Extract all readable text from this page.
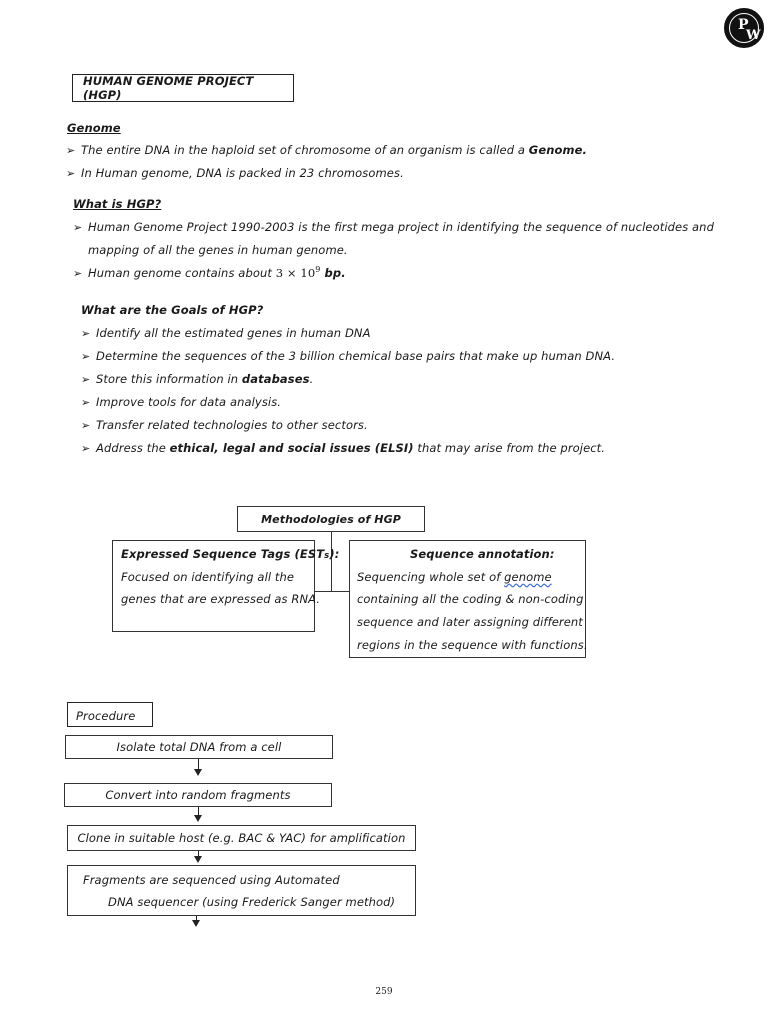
P
W
HUMAN GENOME PROJECT (HGP)
Genome
➢ The entire DNA in the haploid set of chromosome of an organism is called a Genome.
➢ In Human genome, DNA is packed in 23 chromosomes.
What is HGP?
➢ Human Genome Project 1990-2003 is the first mega project in identifying the sequence of nucleotides and
mapping of all the genes in human genome.
➢ Human genome contains about $3 \times 10^9$ bp.
What are the Goals of HGP?
➢ Identify all the estimated genes in human DNA
➢ Determine the sequences of the 3 billion chemical base pairs that make up human DNA.
➢ Store this information in databases.
➢ Improve tools for data analysis.
➢ Transfer related technologies to other sectors.
➢ Address the ethical, legal and social issues (ELSI) that may arise from the project.
Methodologies of HGP
Expressed Sequence Tags (ESTs):
Focused on identifying all the
genes that are expressed as RNA.
Sequence annotation:
Sequencing whole set of genome
containing all the coding & non-coding
sequence and later assigning different
regions in the sequence with functions.
Procedure
Isolate total DNA from a cell
Convert into random fragments
Clone in suitable host (e.g. BAC & YAC) for amplification
Fragments are sequenced using Automated
DNA sequencer (using Frederick Sanger method)
259
